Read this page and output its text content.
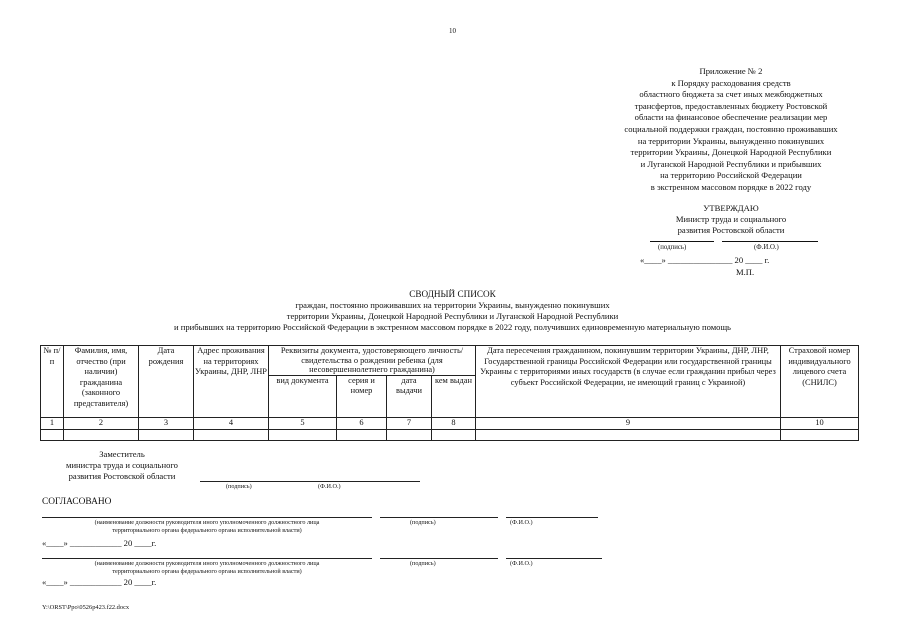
10
Приложение № 2
к Порядку расходования средств
областного бюджета за счет иных межбюджетных
трансфертов, предоставленных бюджету Ростовской
области на финансовое обеспечение реализации мер
социальной поддержки граждан, постоянно проживавших
на территории Украины, вынужденно покинувших
территории Украины, Донецкой Народной Республики
и Луганской Народной Республики и прибывших
на территорию Российской Федерации
в экстренном массовом порядке в 2022 году
УТВЕРЖДАЮ
Министр труда и социального
развития Ростовской области
(подпись)	(Ф.И.О.)
«____» _______________ 20 ____ г.
М.П.
СВОДНЫЙ СПИСОК
граждан, постоянно проживавших на территории Украины, вынужденно покинувших
территории Украины, Донецкой Народной Республики и Луганской Народной Республики
и прибывших на территорию Российской Федерации в экстренном массовом порядке в 2022 году, получивших единовременную материальную помощь
№ п/п	Фамилия, имя, отчество (при наличии) гражданина (законного представителя)	Дата рождения	Адрес проживания на территориях Украины, ДНР, ЛНР	Реквизиты документа, удостоверяющего личность/ свидетельства о рождении ребенка (для несовершеннолетнего гражданина)				Дата пересечения гражданином, покинувшим территории Украины, ДНР, ЛНР, Государственной границы Российской Федерации или государственной границы Украины с территориями иных государств (в случае если гражданин прибыл через субъект Российской Федерации, не имеющий границ с Украиной)	Страховой номер индивидуального лицевого счета (СНИЛС)
				вид документа	серия и номер	дата выдачи	кем выдан		
1	2	3	4	5	6	7	8	9	10

Заместитель
министра труда и социального
развития Ростовской области
(подпись)	(Ф.И.О.)
СОГЛАСОВАНО
(наименование должности руководителя иного уполномоченного должностного лица
территориального органа федерального органа исполнительной власти)
(подпись)	(Ф.И.О.)
«____» ____________ 20 ____г.
(наименование должности руководителя иного уполномоченного должностного лица
территориального органа федерального органа исполнительной власти)
(подпись)	(Ф.И.О.)
«____» ____________ 20 ____г.
Y:\ORST\Ppo\0526p423.f22.docx
